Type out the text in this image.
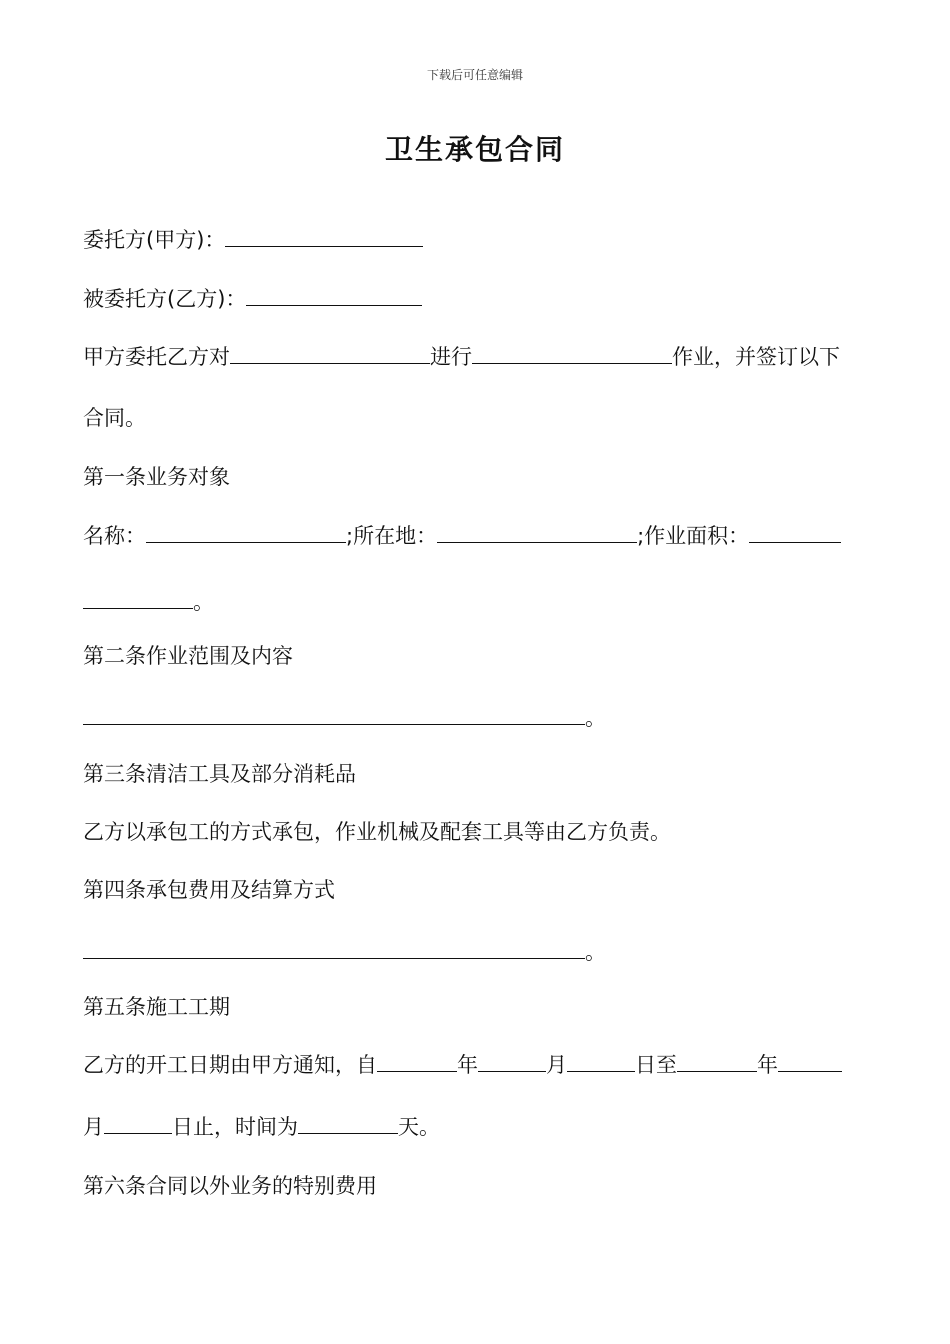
下载后可任意编辑
卫生承包合同
委托方(甲方)：
被委托方(乙方)：
甲方委托乙方对	进行	作业，并签订以下
合同。
第一条业务对象
名称：	;所在地：	;作业面积：
。
第二条作业范围及内容
。
第三条清洁工具及部分消耗品
乙方以承包工的方式承包，作业机械及配套工具等由乙方负责。
第四条承包费用及结算方式
。
第五条施工工期
乙方的开工日期由甲方通知，自	年	月	日至	年
月	日止，时间为	天。
第六条合同以外业务的特别费用
